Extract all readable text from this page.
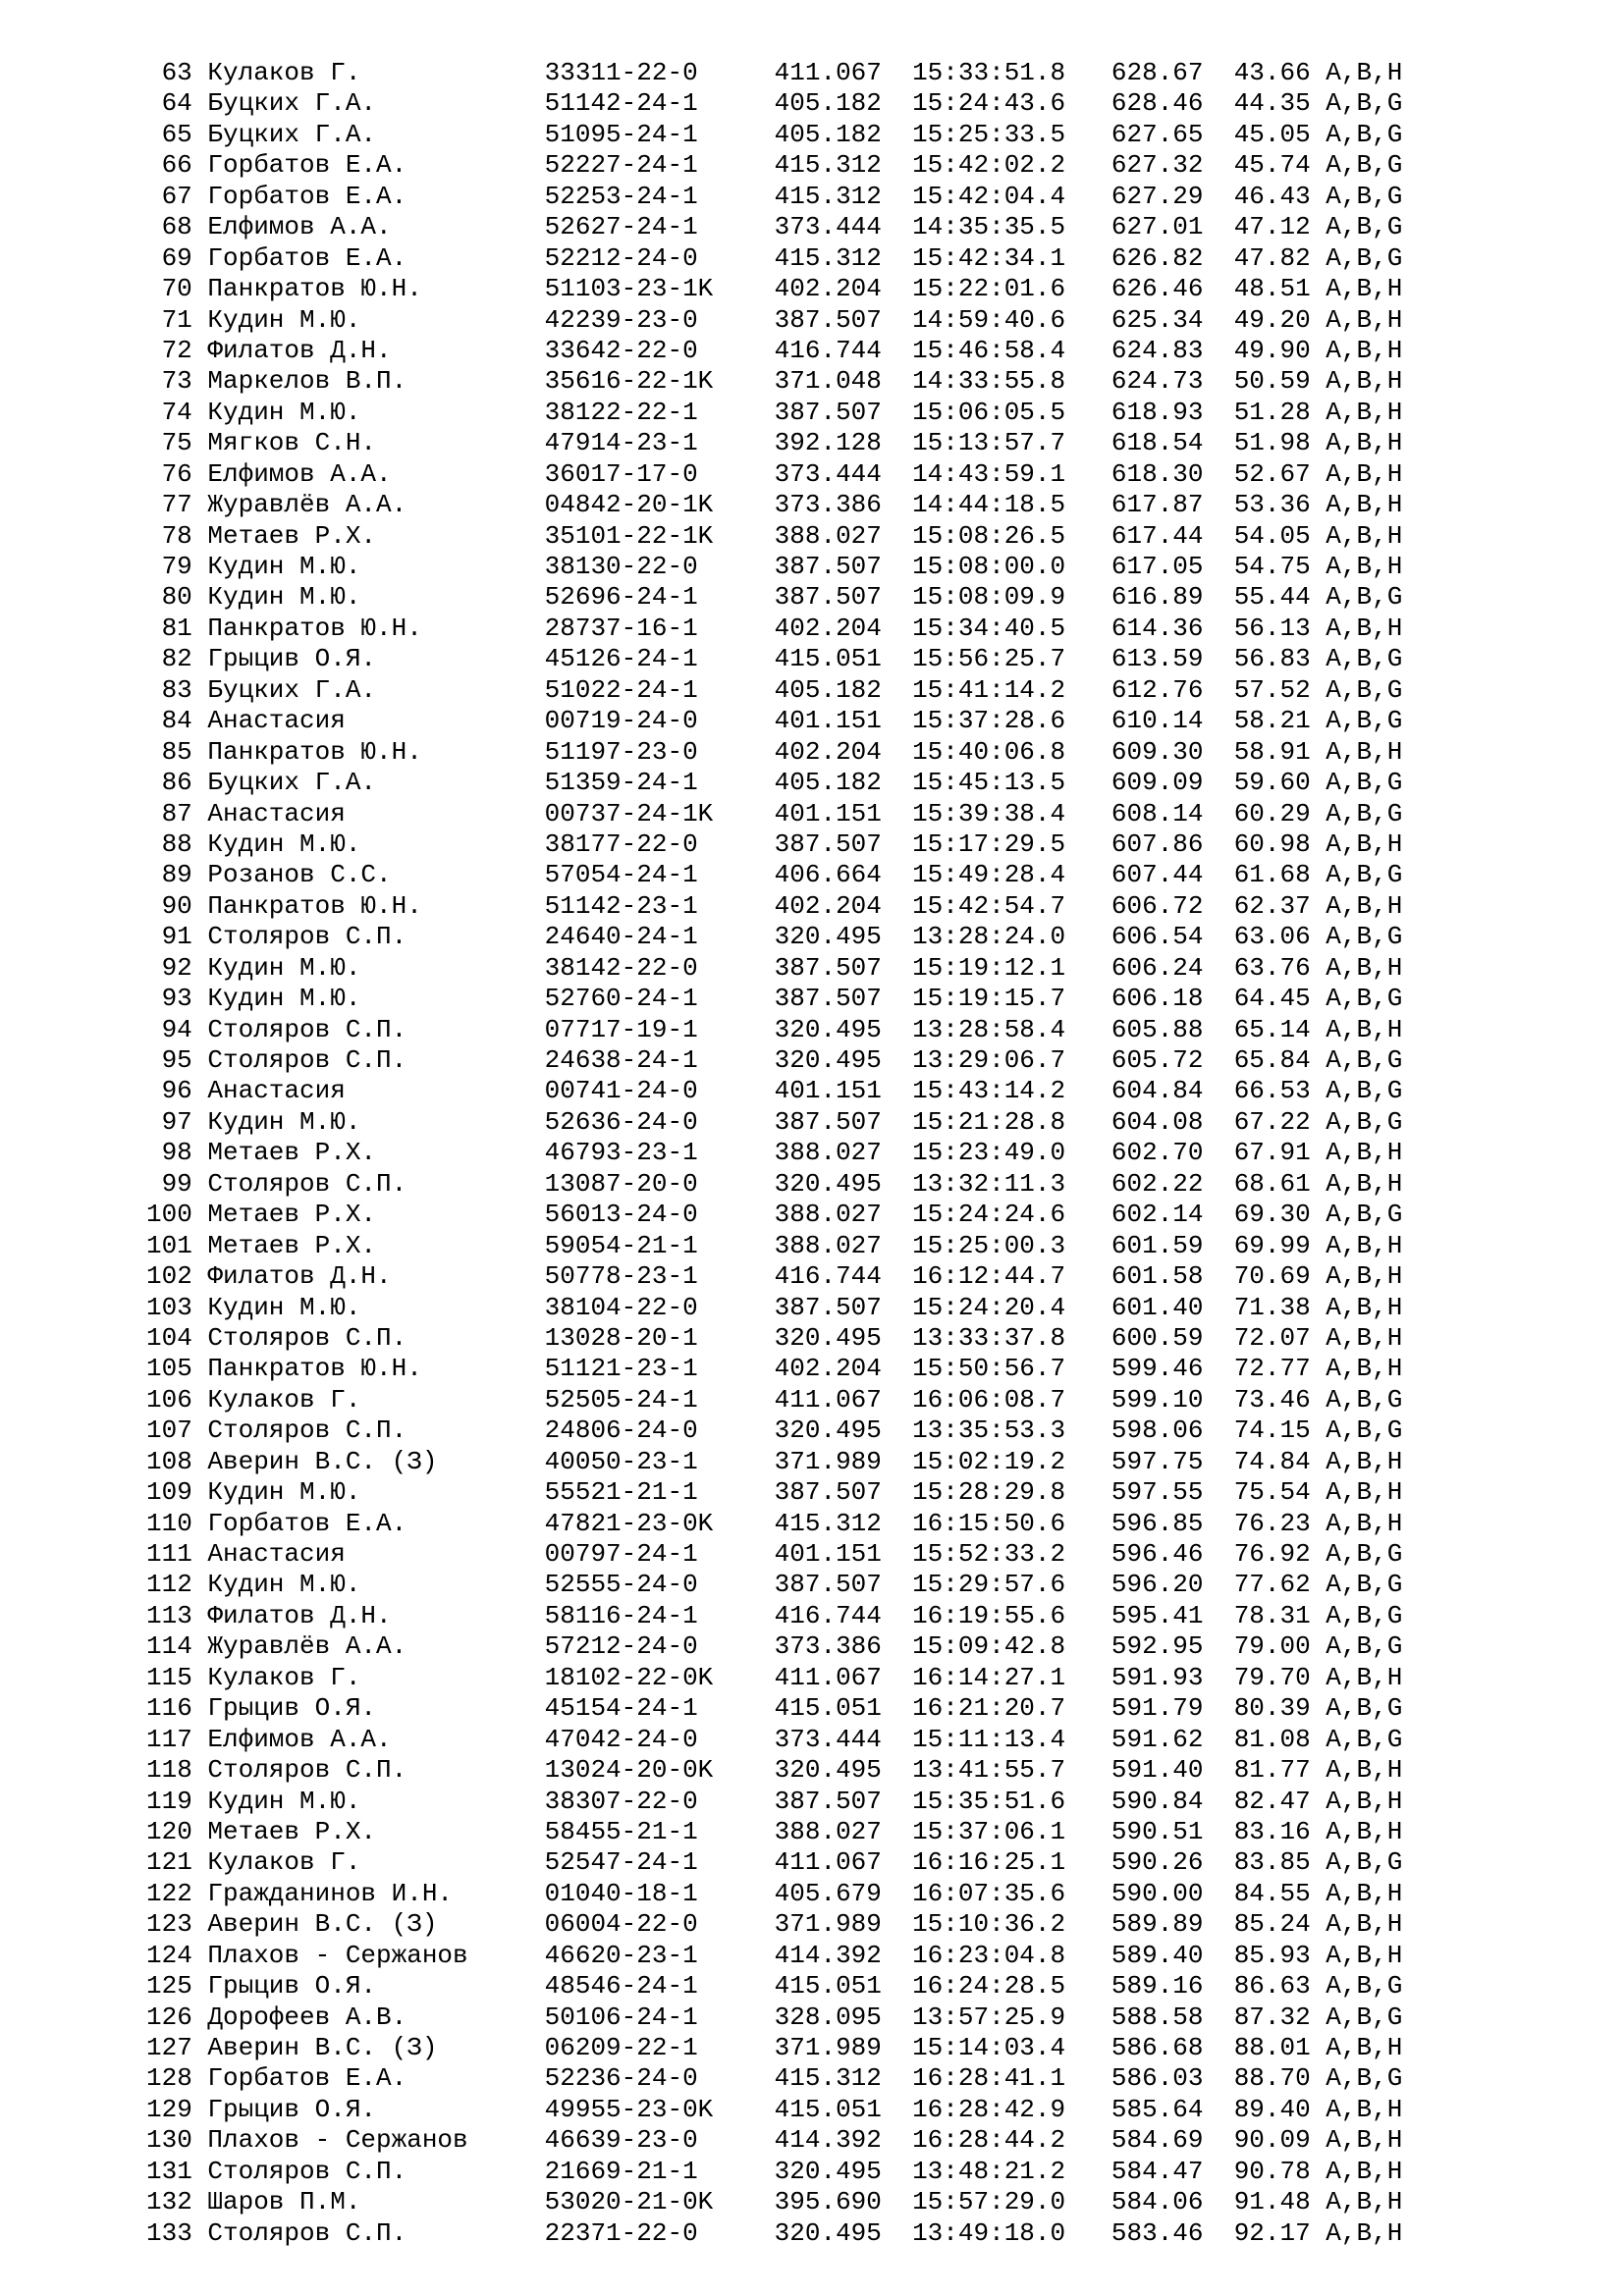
63 Кулаков Г.	33311-22-0	411.067 15:33:51.8 628.67 43.66 A,B,H
64 Буцких Г.А.	51142-24-1	405.182 15:24:43.6 628.46 44.35 A,B,G
65 Буцких Г.А.	51095-24-1	405.182 15:25:33.5 627.65 45.05 A,B,G
66 Горбатов Е.А.	52227-24-1	415.312 15:42:02.2 627.32 45.74 A,B,G
67 Горбатов Е.А.	52253-24-1	415.312 15:42:04.4 627.29 46.43 A,B,G
68 Елфимов А.А.	52627-24-1	373.444 14:35:35.5 627.01 47.12 A,B,G
69 Горбатов Е.А.	52212-24-0	415.312 15:42:34.1 626.82 47.82 A,B,G
70 Панкратов Ю.Н.	51103-23-1K 402.204 15:22:01.6 626.46 48.51 A,B,H
71 Кудин М.Ю.	42239-23-0	387.507 14:59:40.6 625.34 49.20 A,B,H
72 Филатов Д.Н.	33642-22-0	416.744 15:46:58.4 624.83 49.90 A,B,H
73 Маркелов В.П.	35616-22-1K 371.048 14:33:55.8 624.73 50.59 A,B,H
74 Кудин М.Ю.	38122-22-1	387.507 15:06:05.5 618.93 51.28 A,B,H
75 Мягков С.Н.	47914-23-1	392.128 15:13:57.7 618.54 51.98 A,B,H
76 Елфимов А.А.	36017-17-0	373.444 14:43:59.1 618.30 52.67 A,B,H
77 Журавлёв А.А.	04842-20-1K 373.386 14:44:18.5 617.87 53.36 A,B,H
78 Метаев Р.Х.	35101-22-1K 388.027 15:08:26.5 617.44 54.05 A,B,H
79 Кудин М.Ю.	38130-22-0	387.507 15:08:00.0 617.05 54.75 A,B,H
80 Кудин М.Ю.	52696-24-1	387.507 15:08:09.9 616.89 55.44 A,B,G
81 Панкратов Ю.Н.	28737-16-1	402.204 15:34:40.5 614.36 56.13 A,B,H
82 Грыцив О.Я.	45126-24-1	415.051 15:56:25.7 613.59 56.83 A,B,G
83 Буцких Г.А.	51022-24-1	405.182 15:41:14.2 612.76 57.52 A,B,G
84 Анастасия	00719-24-0	401.151 15:37:28.6 610.14 58.21 A,B,G
85 Панкратов Ю.Н.	51197-23-0	402.204 15:40:06.8 609.30 58.91 A,B,H
86 Буцких Г.А.	51359-24-1	405.182 15:45:13.5 609.09 59.60 A,B,G
87 Анастасия	00737-24-1K 401.151 15:39:38.4 608.14 60.29 A,B,G
88 Кудин М.Ю.	38177-22-0	387.507 15:17:29.5 607.86 60.98 A,B,H
89 Розанов С.С.	57054-24-1	406.664 15:49:28.4 607.44 61.68 A,B,G
90 Панкратов Ю.Н.	51142-23-1	402.204 15:42:54.7 606.72 62.37 A,B,H
91 Столяров С.П.	24640-24-1	320.495 13:28:24.0 606.54 63.06 A,B,G
92 Кудин М.Ю.	38142-22-0	387.507 15:19:12.1 606.24 63.76 A,B,H
93 Кудин М.Ю.	52760-24-1	387.507 15:19:15.7 606.18 64.45 A,B,G
94 Столяров С.П.	07717-19-1	320.495 13:28:58.4 605.88 65.14 A,B,H
95 Столяров С.П.	24638-24-1	320.495 13:29:06.7 605.72 65.84 A,B,G
96 Анастасия	00741-24-0	401.151 15:43:14.2 604.84 66.53 A,B,G
97 Кудин М.Ю.	52636-24-0	387.507 15:21:28.8 604.08 67.22 A,B,G
98 Метаев Р.Х.	46793-23-1	388.027 15:23:49.0 602.70 67.91 A,B,H
99 Столяров С.П.	13087-20-0	320.495 13:32:11.3 602.22 68.61 A,B,H
100 Метаев Р.Х.	56013-24-0	388.027 15:24:24.6 602.14 69.30 A,B,G
101 Метаев Р.Х.	59054-21-1	388.027 15:25:00.3 601.59 69.99 A,B,H
102 Филатов Д.Н.	50778-23-1	416.744 16:12:44.7 601.58 70.69 A,B,H
103 Кудин М.Ю.	38104-22-0	387.507 15:24:20.4 601.40 71.38 A,B,H
104 Столяров С.П.	13028-20-1	320.495 13:33:37.8 600.59 72.07 A,B,H
105 Панкратов Ю.Н.	51121-23-1	402.204 15:50:56.7 599.46 72.77 A,B,H
106 Кулаков Г.	52505-24-1	411.067 16:06:08.7 599.10 73.46 A,B,G
107 Столяров С.П.	24806-24-0	320.495 13:35:53.3 598.06 74.15 A,B,G
108 Аверин В.С. (З)	40050-23-1	371.989 15:02:19.2 597.75 74.84 A,B,H
109 Кудин М.Ю.	55521-21-1	387.507 15:28:29.8 597.55 75.54 A,B,H
110 Горбатов Е.А.	47821-23-0K 415.312 16:15:50.6 596.85 76.23 A,B,H
111 Анастасия	00797-24-1	401.151 15:52:33.2 596.46 76.92 A,B,G
112 Кудин М.Ю.	52555-24-0	387.507 15:29:57.6 596.20 77.62 A,B,G
113 Филатов Д.Н.	58116-24-1	416.744 16:19:55.6 595.41 78.31 A,B,G
114 Журавлёв А.А.	57212-24-0	373.386 15:09:42.8 592.95 79.00 A,B,G
115 Кулаков Г.	18102-22-0K 411.067 16:14:27.1 591.93 79.70 A,B,H
116 Грыцив О.Я.	45154-24-1	415.051 16:21:20.7 591.79 80.39 A,B,G
117 Елфимов А.А.	47042-24-0	373.444 15:11:13.4 591.62 81.08 A,B,G
118 Столяров С.П.	13024-20-0K 320.495 13:41:55.7 591.40 81.77 A,B,H
119 Кудин М.Ю.	38307-22-0	387.507 15:35:51.6 590.84 82.47 A,B,H
120 Метаев Р.Х.	58455-21-1	388.027 15:37:06.1 590.51 83.16 A,B,H
121 Кулаков Г.	52547-24-1	411.067 16:16:25.1 590.26 83.85 A,B,G
122 Гражданинов И.Н.	01040-18-1	405.679 16:07:35.6 590.00 84.55 A,B,H
123 Аверин В.С. (З)	06004-22-0	371.989 15:10:36.2 589.89 85.24 A,B,H
124 Плахов - Сержанов	46620-23-1	414.392 16:23:04.8 589.40 85.93 A,B,H
125 Грыцив О.Я.	48546-24-1	415.051 16:24:28.5 589.16 86.63 A,B,G
126 Дорофеев А.В.	50106-24-1	328.095 13:57:25.9 588.58 87.32 A,B,G
127 Аверин В.С. (З)	06209-22-1	371.989 15:14:03.4 586.68 88.01 A,B,H
128 Горбатов Е.А.	52236-24-0	415.312 16:28:41.1 586.03 88.70 A,B,G
129 Грыцив О.Я.	49955-23-0K 415.051 16:28:42.9 585.64 89.40 A,B,H
130 Плахов - Сержанов	46639-23-0	414.392 16:28:44.2 584.69 90.09 A,B,H
131 Столяров С.П.	21669-21-1	320.495 13:48:21.2 584.47 90.78 A,B,H
132 Шаров П.М.	53020-21-0K 395.690 15:57:29.0 584.06 91.48 A,B,H
133 Столяров С.П.	22371-22-0	320.495 13:49:18.0 583.46 92.17 A,B,H
